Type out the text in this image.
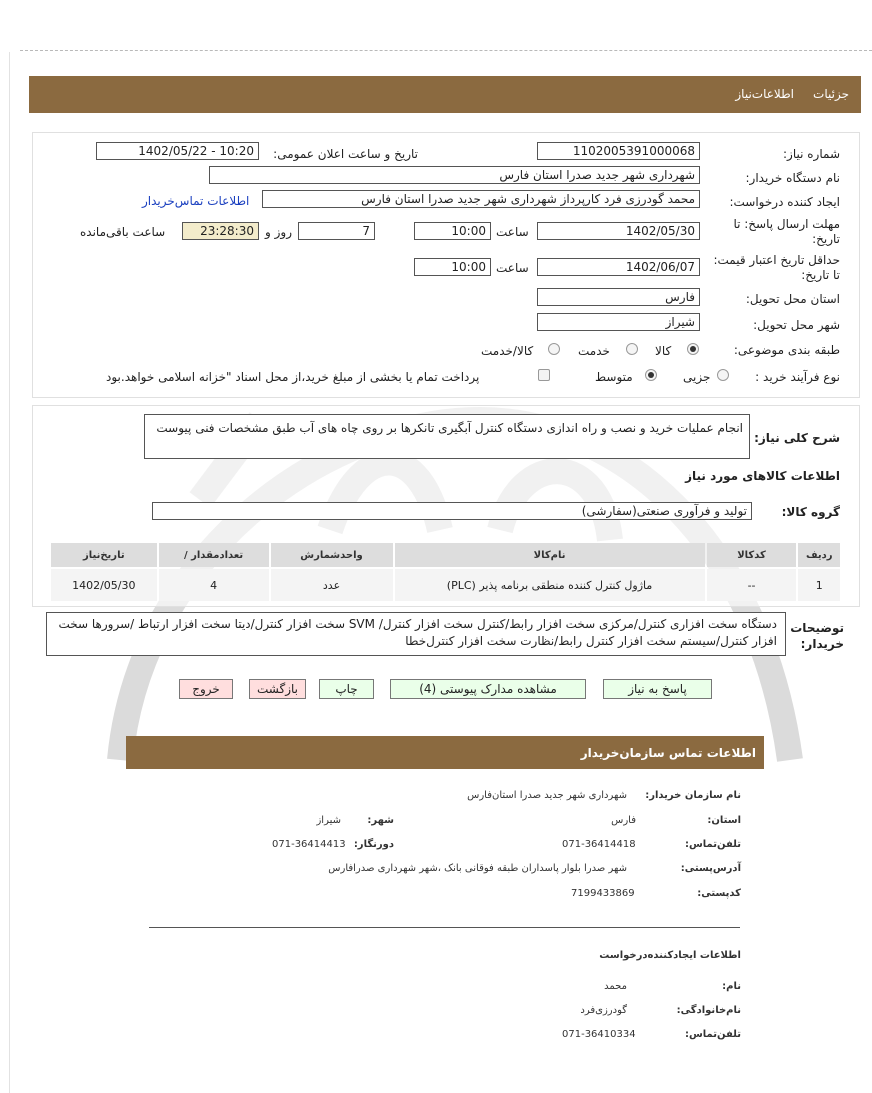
جزئیات     اطلاعات‌نیاز
شماره نیاز:
1102005391000068
تاریخ و ساعت اعلان عمومی:
1402/05/22 - 10:20
نام دستگاه خریدار:
شهرداری شهر جدید صدرا استان فارس
ایجاد کننده درخواست:
محمد گودرزی فرد کارپرداز شهرداری شهر جدید صدرا استان فارس
اطلاعات تماس‌خریدار
مهلت ارسال پاسخ: تا تاریخ:
1402/05/30
ساعت
10:00
7
روز و
23:28:30
ساعت باقی‌مانده
حداقل تاریخ اعتبار قیمت: تا تاریخ:
1402/06/07
ساعت
10:00
استان محل تحویل:
فارس
شهر محل تحویل:
شیراز
طبقه بندی موضوعی:
کالا
خدمت
کالا/خدمت
نوع فرآیند خرید :
جزیی
متوسط
پرداخت تمام یا بخشی از مبلغ خرید،از محل اسناد "خزانه اسلامی خواهد.بود
شرح کلی نیاز:
انجام عملیات خرید و نصب و راه اندازی دستگاه کنترل آبگیری تانکرها بر روی چاه های آب طبق مشخصات فنی پیوست
اطلاعات کالاهای مورد نیاز
گروه کالا:
تولید و فرآوری صنعتی(سفارشی)
ردیف	کدکالا	نام‌کالا	واحدشمارش	تعدادمقدار /	تاریخ‌نیاز
1	--	ماژول کنترل کننده منطقی برنامه پذیر (PLC)	عدد	4	1402/05/30
توضیحات خریدار:
دستگاه سخت افزاری کنترل/مرکزی سخت افزار رابط/کنترل سخت افزار کنترل/ SVM سخت افزار کنترل/دیتا سخت افزار ارتباط /سرورها سخت افزار کنترل/سیستم سخت افزار کنترل رابط/نظارت سخت افزار کنترل‌خطا
پاسخ به نیاز
مشاهده مدارک پیوستی (4)
چاپ
بازگشت
خروج
اطلاعات تماس سازمان‌خریدار
نام سازمان خریدار:
شهرداری شهر جدید صدرا استان‌فارس
استان:
فارس
شهر:
شیراز
تلفن‌تماس:
071-36414418
دورنگار:
071-36414413
آدرس‌پستی:
شهر صدرا بلوار پاسداران طبقه فوقانی بانک ،شهر شهرداری صدرافارس
کدپستی:
7199433869
اطلاعات ایجادکننده‌درخواست
نام:
محمد
نام‌خانوادگی:
گودرزی‌فرد
تلفن‌تماس:
071-36410334
